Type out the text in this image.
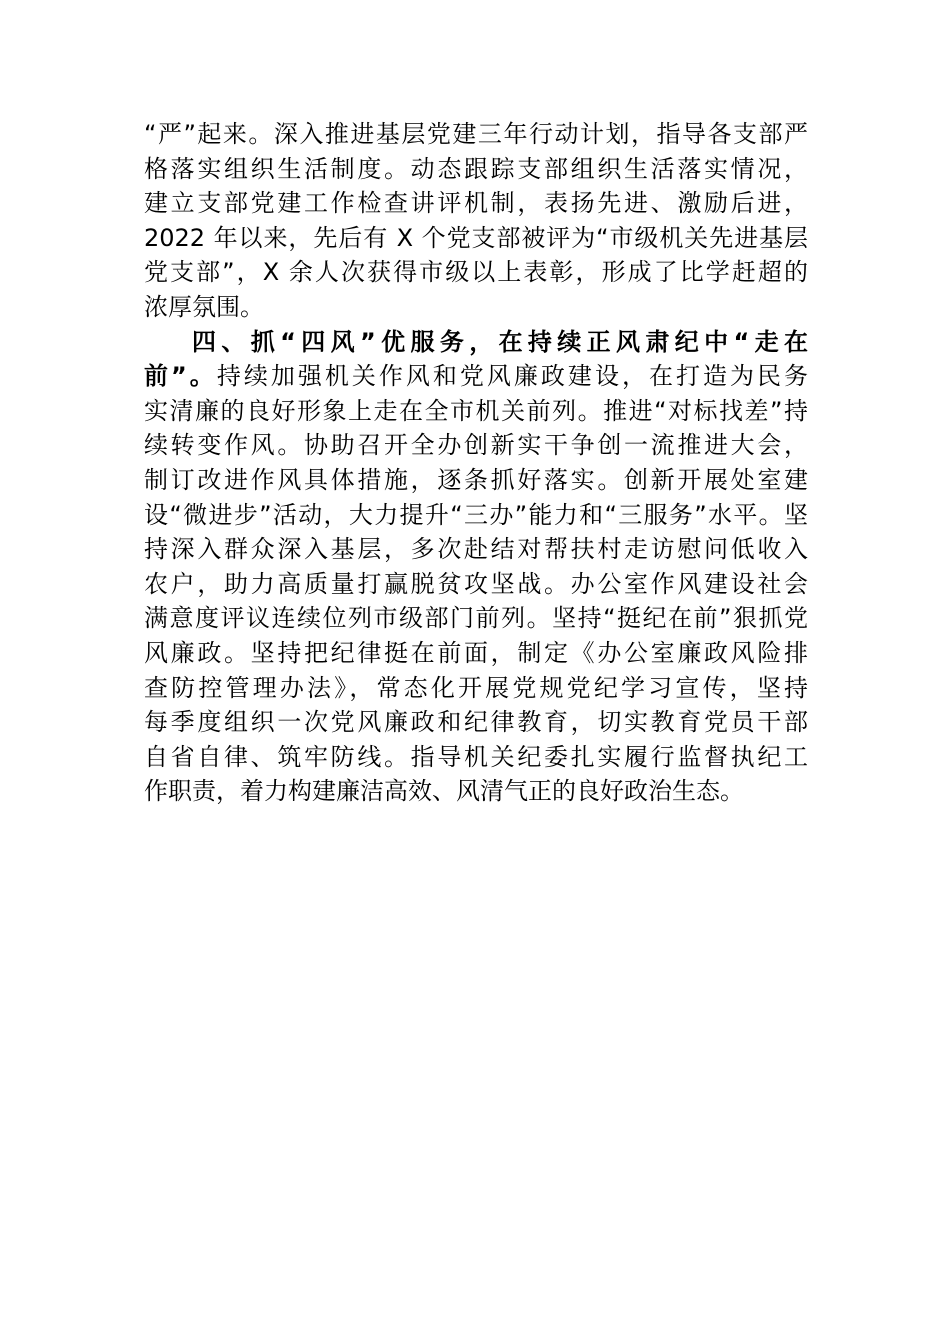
“严”起来。深入推进基层党建三年行动计划，指导各支部严
格落实组织生活制度。动态跟踪支部组织生活落实情况，
建立支部党建工作检查讲评机制，表扬先进、激励后进，
2022 年以来，先后有 X 个党支部被评为“市级机关先进基层
党支部”，X 余人次获得市级以上表彰，形成了比学赶超的
浓厚氛围。
四、抓“四风”优服务，在持续正风肃纪中“走在
前”。持续加强机关作风和党风廉政建设，在打造为民务
实清廉的良好形象上走在全市机关前列。推进“对标找差”持
续转变作风。协助召开全办创新实干争创一流推进大会，
制订改进作风具体措施，逐条抓好落实。创新开展处室建
设“微进步”活动，大力提升“三办”能力和“三服务”水平。坚
持深入群众深入基层，多次赴结对帮扶村走访慰问低收入
农户，助力高质量打赢脱贫攻坚战。办公室作风建设社会
满意度评议连续位列市级部门前列。坚持“挺纪在前”狠抓党
风廉政。坚持把纪律挺在前面，制定《办公室廉政风险排
查防控管理办法》，常态化开展党规党纪学习宣传，坚持
每季度组织一次党风廉政和纪律教育，切实教育党员干部
自省自律、筑牢防线。指导机关纪委扎实履行监督执纪工
作职责，着力构建廉洁高效、风清气正的良好政治生态。
